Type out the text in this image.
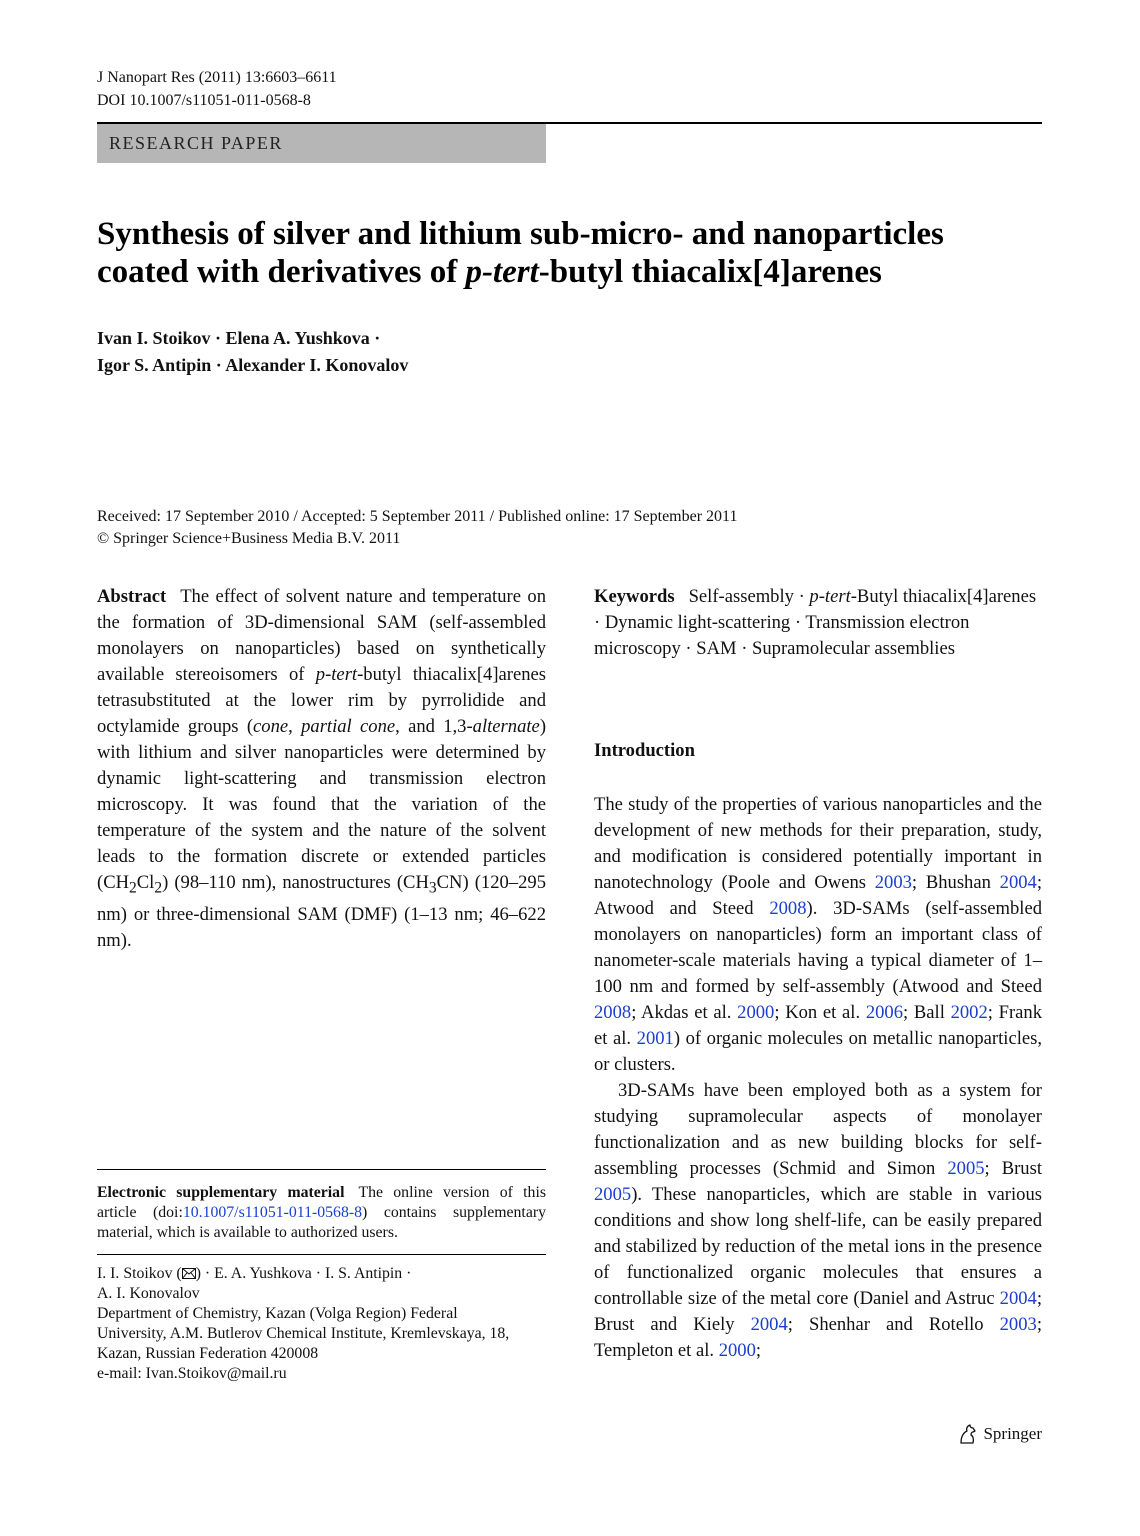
J Nanopart Res (2011) 13:6603–6611
DOI 10.1007/s11051-011-0568-8
RESEARCH PAPER
Synthesis of silver and lithium sub-micro- and nanoparticles
coated with derivatives of p-tert-butyl thiacalix[4]arenes
Ivan I. Stoikov · Elena A. Yushkova ·
Igor S. Antipin · Alexander I. Konovalov
Received: 17 September 2010 / Accepted: 5 September 2011 / Published online: 17 September 2011
© Springer Science+Business Media B.V. 2011
Abstract The effect of solvent nature and temperature on the formation of 3D-dimensional SAM (self-assembled monolayers on nanoparticles) based on synthetically available stereoisomers of p-tert-butyl thiacalix[4]arenes tetrasubstituted at the lower rim by pyrrolidide and octylamide groups (cone, partial cone, and 1,3-alternate) with lithium and silver nanoparticles were determined by dynamic light-scattering and transmission electron microscopy. It was found that the variation of the temperature of the system and the nature of the solvent leads to the formation discrete or extended particles $(CH_2Cl_2)$ (98–110 nm), nanostructures $(CH_3CN)$ (120–295 nm) or three-dimensional SAM (DMF) (1–13 nm; 46–622 nm).
Keywords Self-assembly · p-tert-Butyl thiacalix[4]arenes · Dynamic light-scattering · Transmission electron microscopy · SAM · Supramolecular assemblies
Introduction

The study of the properties of various nanoparticles and the development of new methods for their preparation, study, and modification is considered potentially important in nanotechnology (Poole and Owens 2003; Bhushan 2004; Atwood and Steed 2008). 3D-SAMs (self-assembled monolayers on nanoparticles) form an important class of nanometer-scale materials having a typical diameter of 1–100 nm and formed by self-assembly (Atwood and Steed 2008; Akdas et al. 2000; Kon et al. 2006; Ball 2002; Frank et al. 2001) of organic molecules on metallic nanoparticles, or clusters.

3D-SAMs have been employed both as a system for studying supramolecular aspects of monolayer functionalization and as new building blocks for self-assembling processes (Schmid and Simon 2005; Brust 2005). These nanoparticles, which are stable in various conditions and show long shelf-life, can be easily prepared and stabilized by reduction of the metal ions in the presence of functionalized organic molecules that ensures a controllable size of the metal core (Daniel and Astruc 2004; Brust and Kiely 2004; Shenhar and Rotello 2003; Templeton et al. 2000;

Electronic supplementary material The online version of this article (doi:10.1007/s11051-011-0568-8) contains supplementary material, which is available to authorized users.
I. I. Stoikov ( ) · E. A. Yushkova · I. S. Antipin ·
A. I. Konovalov
Department of Chemistry, Kazan (Volga Region) Federal University, A.M. Butlerov Chemical Institute, Kremlevskaya, 18, Kazan, Russian Federation 420008
e-mail: Ivan.Stoikov@mail.ru
Springer
